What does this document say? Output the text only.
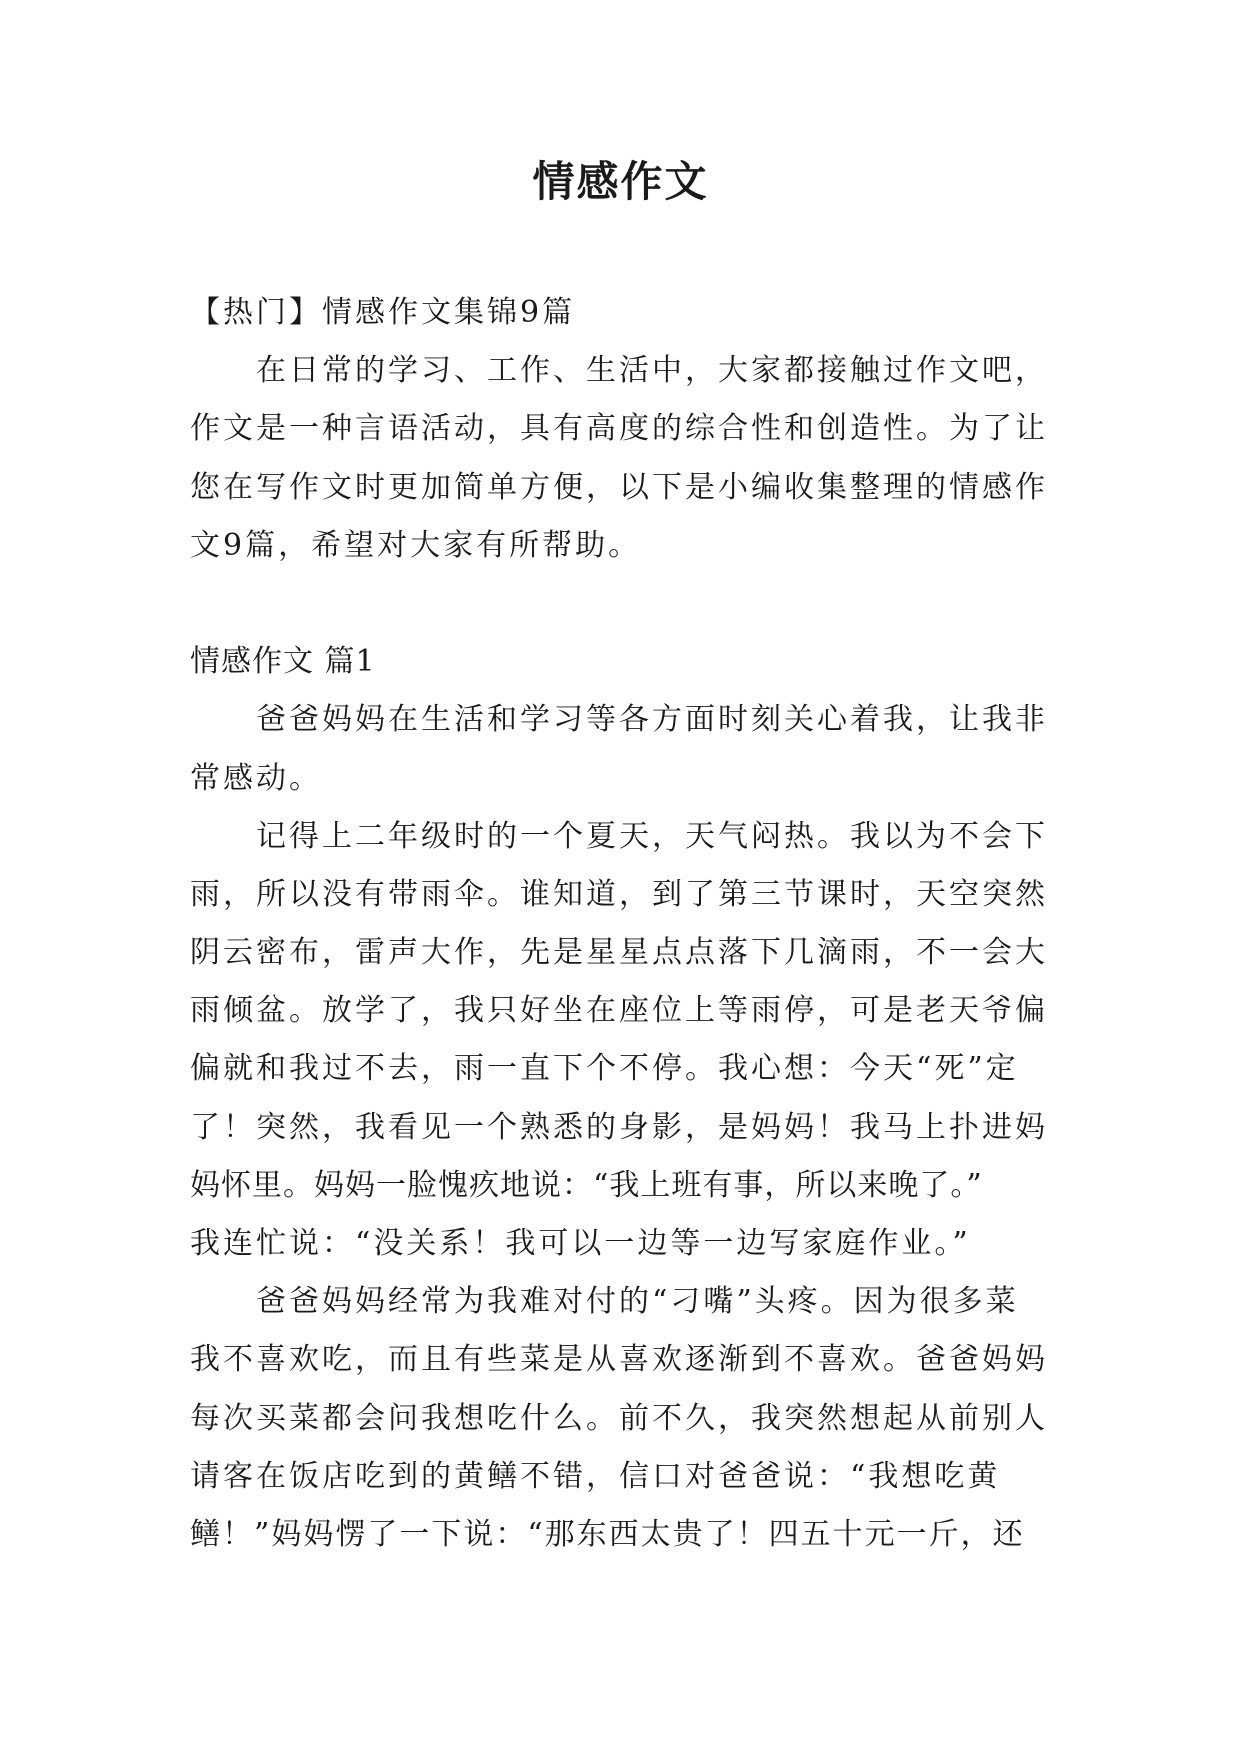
情感作文
【热门】情感作文集锦9篇
在日常的学习、工作、生活中，大家都接触过作文吧，
作文是一种言语活动，具有高度的综合性和创造性。为了让
您在写作文时更加简单方便，以下是小编收集整理的情感作
文9篇，希望对大家有所帮助。
情感作文 篇1
爸爸妈妈在生活和学习等各方面时刻关心着我，让我非
常感动。
记得上二年级时的一个夏天，天气闷热。我以为不会下
雨，所以没有带雨伞。谁知道，到了第三节课时，天空突然
阴云密布，雷声大作，先是星星点点落下几滴雨，不一会大
雨倾盆。放学了，我只好坐在座位上等雨停，可是老天爷偏
偏就和我过不去，雨一直下个不停。我心想：今天“死”定
了！突然，我看见一个熟悉的身影，是妈妈！我马上扑进妈
妈怀里。妈妈一脸愧疚地说：“我上班有事，所以来晚了。”
我连忙说：“没关系！我可以一边等一边写家庭作业。”
爸爸妈妈经常为我难对付的“刁嘴”头疼。因为很多菜
我不喜欢吃，而且有些菜是从喜欢逐渐到不喜欢。爸爸妈妈
每次买菜都会问我想吃什么。前不久，我突然想起从前别人
请客在饭店吃到的黄鳝不错，信口对爸爸说：“我想吃黄
鳝！”妈妈愣了一下说：“那东西太贵了！四五十元一斤，还
